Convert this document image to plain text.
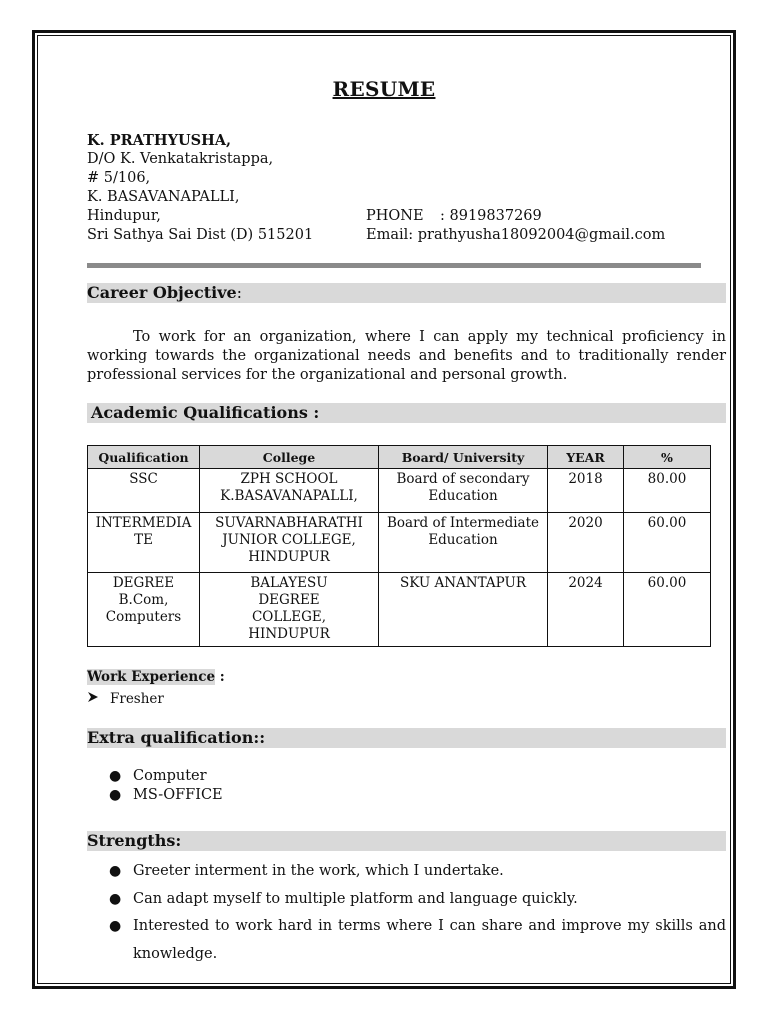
RESUME
K. PRATHYUSHA,
D/O K. Venkatakristappa,
# 5/106,
K. BASAVANAPALLI,
Hindupur,
Sri Sathya Sai Dist (D) 515201
PHONE : 8919837269
Email: prathyusha18092004@gmail.com
Career Objective:
To work for an organization, where I can apply my technical proficiency in working towards the organizational needs and benefits and to traditionally render professional services for the organizational and personal growth.
Academic Qualifications :
Qualification	College	Board/ University	YEAR	%
SSC	ZPH SCHOOL K.BASAVANAPALLI,	Board of secondary Education	2018	80.00
INTERMEDIATE	SUVARNABHARATHI JUNIOR COLLEGE, HINDUPUR	Board of Intermediate Education	2020	60.00
DEGREE B.Com, Computers	BALAYESU DEGREE COLLEGE, HINDUPUR	SKU ANANTAPUR	2024	60.00
Work Experience :
Fresher
Extra qualification::
● Computer
● MS-OFFICE
Strengths:
● Greeter interment in the work, which I undertake.
● Can adapt myself to multiple platform and language quickly.
● Interested to work hard in terms where I can share and improve my skills and knowledge.
